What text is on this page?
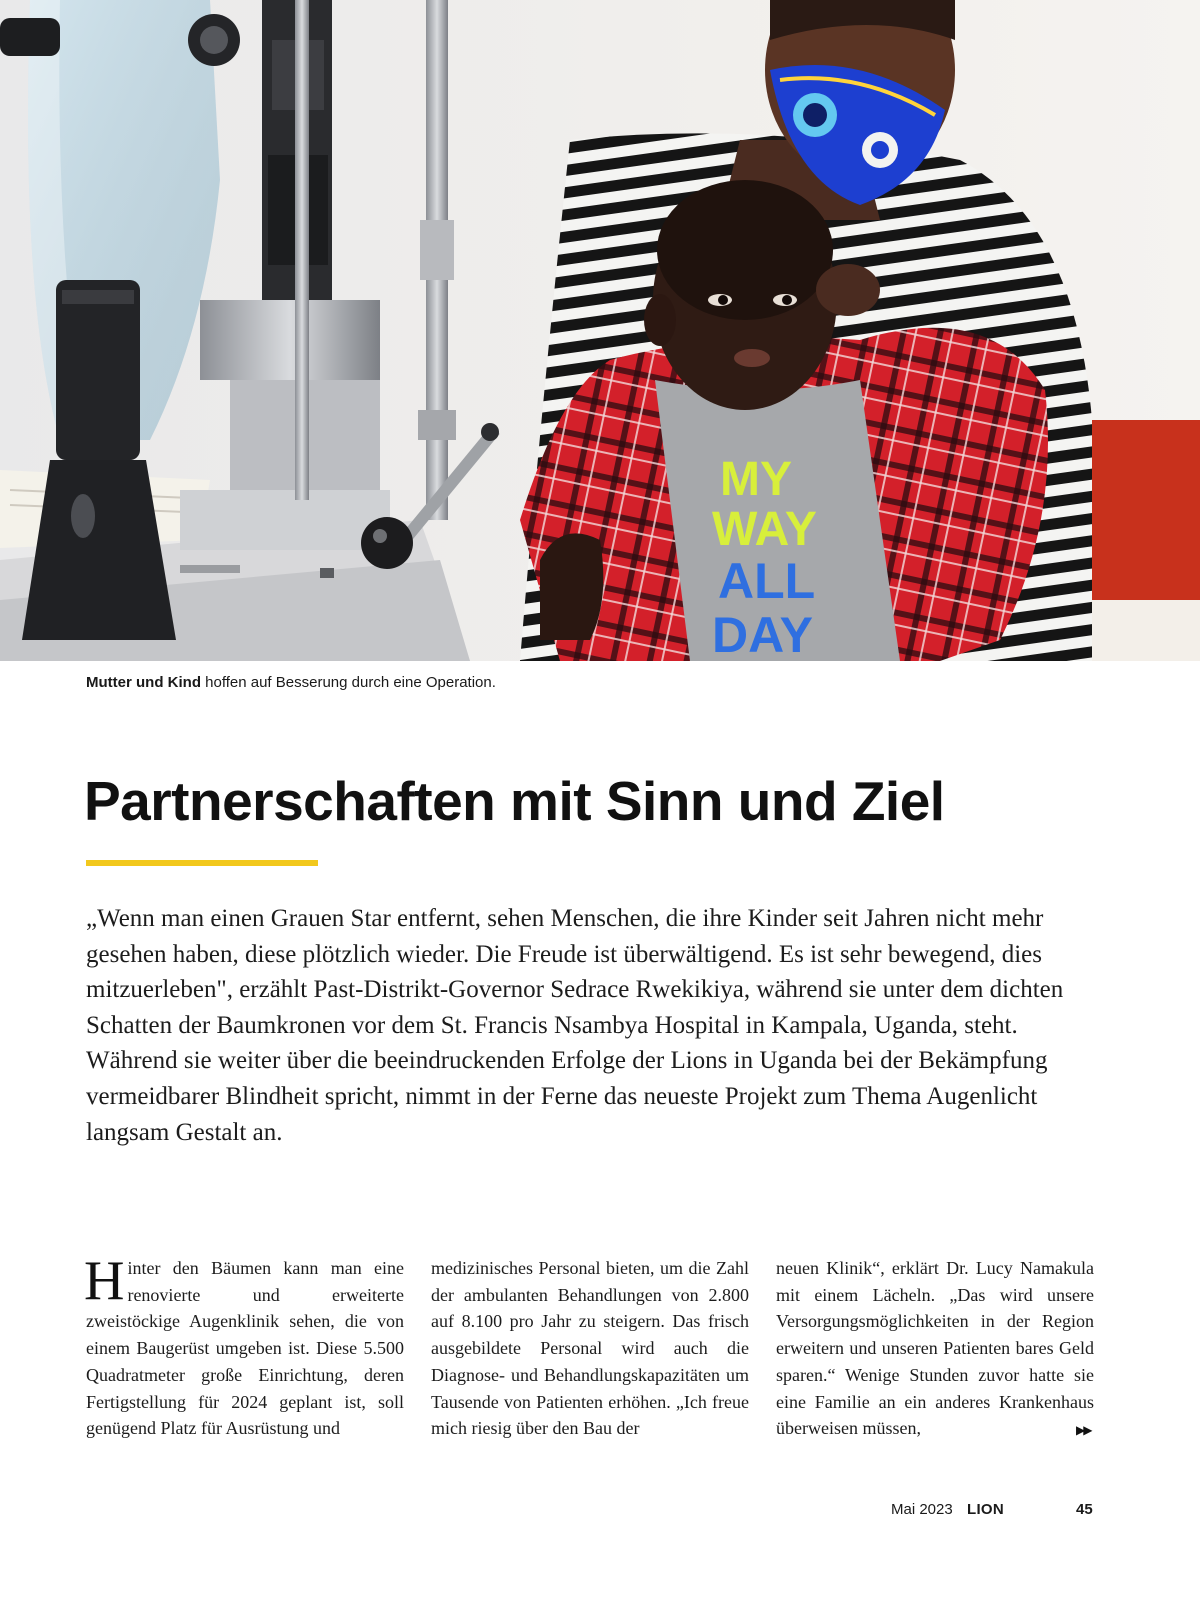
MY
WAY
ALL
DAY
Mutter und Kind hoffen auf Besserung durch eine Operation.
Partnerschaften mit Sinn und Ziel

„Wenn man einen Grauen Star entfernt, sehen Menschen, die ihre Kinder seit Jahren nicht mehr gesehen haben, diese plötzlich wieder. Die Freude ist überwältigend. Es ist sehr bewegend, dies mitzuerleben", erzählt Past-Distrikt-Governor Sedrace Rwekikiya, während sie unter dem dichten Schatten der Baumkronen vor dem St. Francis Nsambya Hospital in Kampala, Uganda, steht. Während sie weiter über die beeindruckenden Erfolge der Lions in Uganda bei der Bekämpfung vermeidbarer Blindheit spricht, nimmt in der Ferne das neueste Projekt zum Thema Augenlicht langsam Gestalt an.

Hinter den Bäumen kann man eine renovierte und erweiterte zweistöckige Augenklinik sehen, die von einem Baugerüst umgeben ist. Diese 5.500 Quadratmeter große Einrichtung, deren Fertigstellung für 2024 geplant ist, soll genügend Platz für Ausrüstung und

medizinisches Personal bieten, um die Zahl der ambulanten Behandlungen von 2.800 auf 8.100 pro Jahr zu steigern. Das frisch ausgebildete Personal wird auch die Diagnose- und Behandlungskapazitäten um Tausende von Patienten erhöhen. „Ich freue mich riesig über den Bau der

neuen Klinik“, erklärt Dr. Lucy Namakula mit einem Lächeln. „Das wird unsere Versorgungsmöglichkeiten in der Region erweitern und unseren Patienten bares Geld sparen.“ Wenige Stunden zuvor hatte sie eine Familie an ein anderes Krankenhaus überweisen müssen,	▶▶
Mai 2023 LION	45
